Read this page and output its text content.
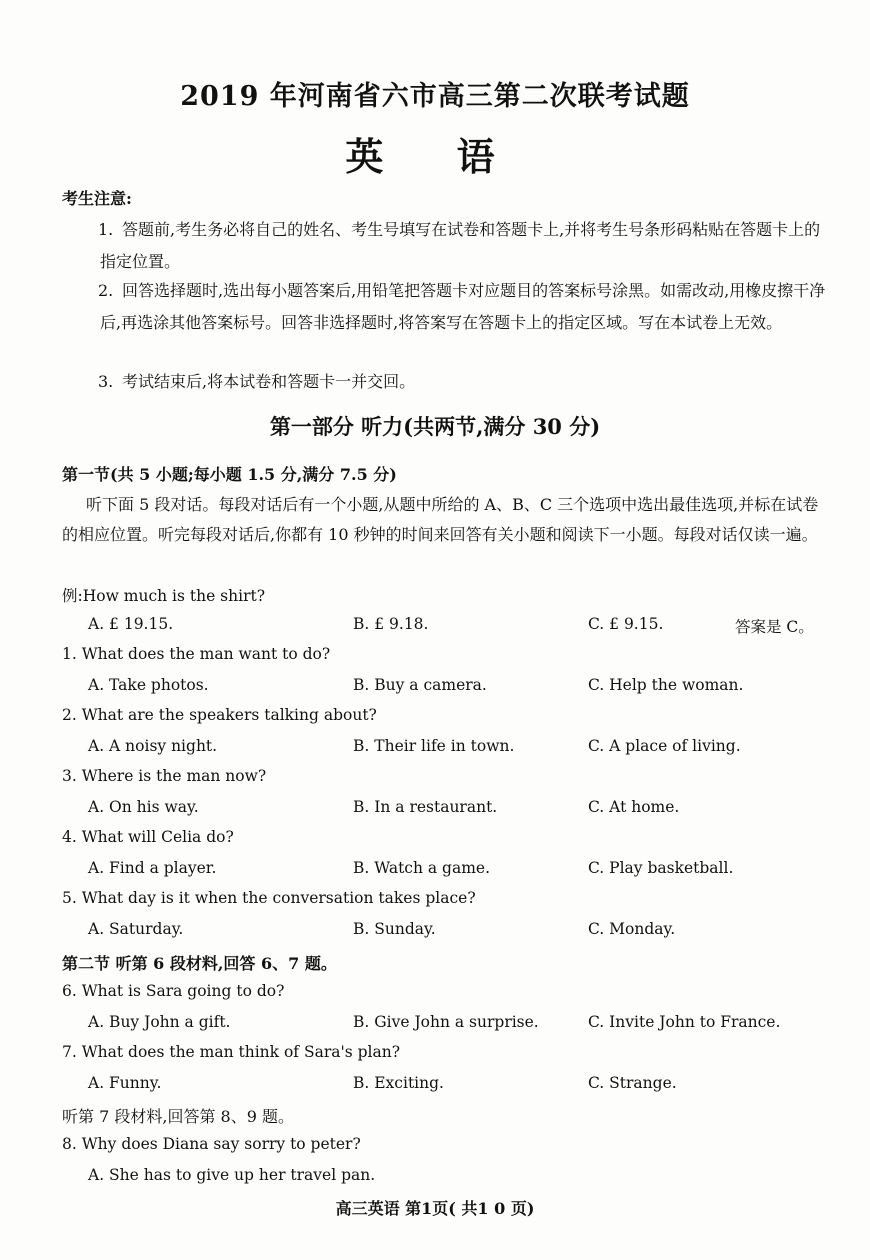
2019 年河南省六市高三第二次联考试题
英 语
考生注意:
1. 答题前,考生务必将自己的姓名、考生号填写在试卷和答题卡上,并将考生号条形码粘贴在答题卡上的指定位置。
2. 回答选择题时,选出每小题答案后,用铅笔把答题卡对应题目的答案标号涂黑。如需改动,用橡皮擦干净后,再选涂其他答案标号。回答非选择题时,将答案写在答题卡上的指定区域。写在本试卷上无效。
3. 考试结束后,将本试卷和答题卡一并交回。
第一部分 听力(共两节,满分 30 分)
第一节(共 5 小题;每小题 1.5 分,满分 7.5 分)
听下面 5 段对话。每段对话后有一个小题,从题中所给的 A、B、C 三个选项中选出最佳选项,并标在试卷的相应位置。听完每段对话后,你都有 10 秒钟的时间来回答有关小题和阅读下一小题。每段对话仅读一遍。
例:How much is the shirt?
A. £ 19.15.	B. £ 9.18.	C. £ 9.15.	答案是 C。
1. What does the man want to do?
A. Take photos.	B. Buy a camera.	C. Help the woman.
2. What are the speakers talking about?
A. A noisy night.	B. Their life in town.	C. A place of living.
3. Where is the man now?
A. On his way.	B. In a restaurant.	C. At home.
4. What will Celia do?
A. Find a player.	B. Watch a game.	C. Play basketball.
5. What day is it when the conversation takes place?
A. Saturday.	B. Sunday.	C. Monday.
第二节 听第 6 段材料,回答 6、7 题。
6. What is Sara going to do?
A. Buy John a gift.	B. Give John a surprise.	C. Invite John to France.
7. What does the man think of Sara's plan?
A. Funny.	B. Exciting.	C. Strange.
听第 7 段材料,回答第 8、9 题。
8. Why does Diana say sorry to peter?
A. She has to give up her travel pan.
高三英语 第1页( 共1 0 页)
